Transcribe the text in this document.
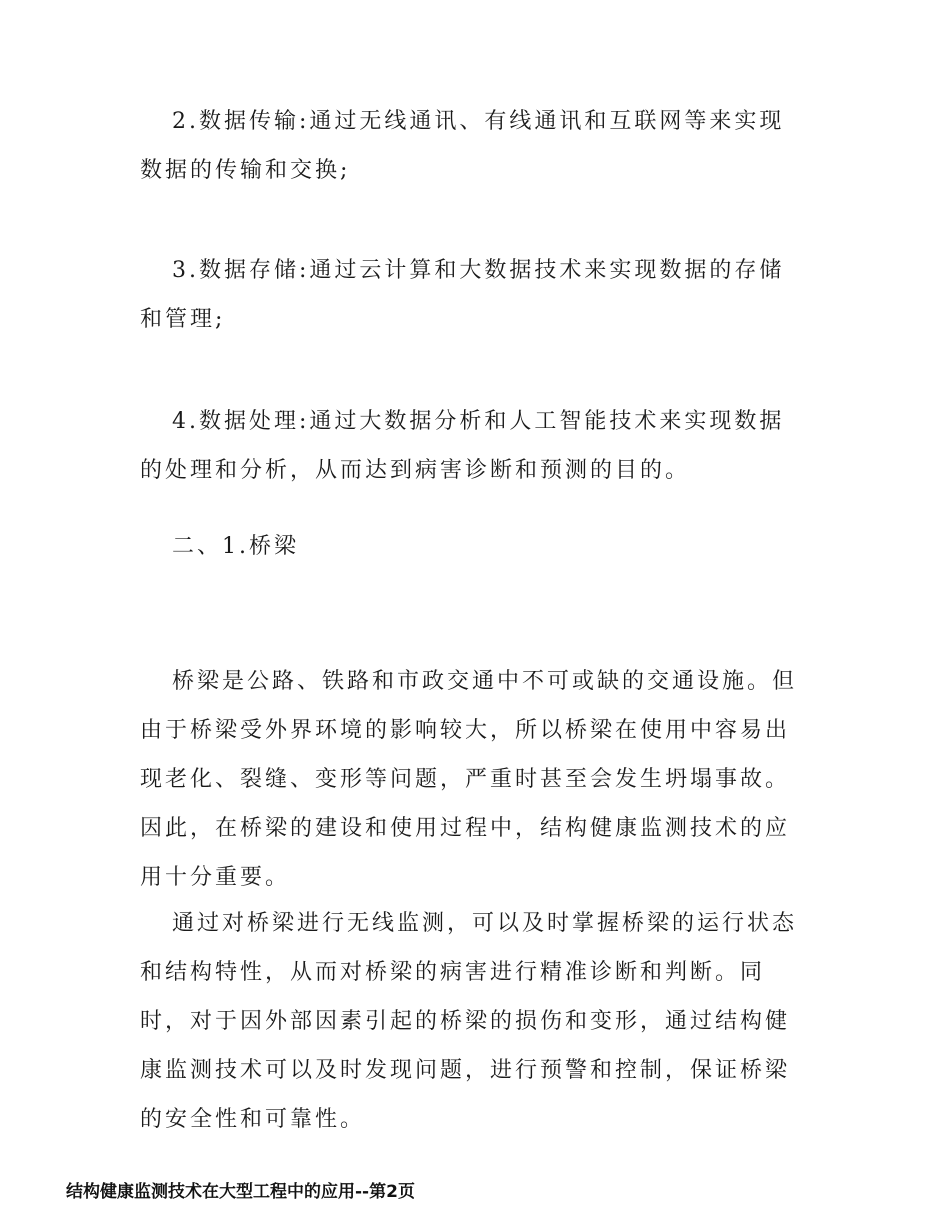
2.数据传输:通过无线通讯、有线通讯和互联网等来实现数据的传输和交换;

3.数据存储:通过云计算和大数据技术来实现数据的存储和管理;

4.数据处理:通过大数据分析和人工智能技术来实现数据的处理和分析，从而达到病害诊断和预测的目的。

二、1.桥梁

桥梁是公路、铁路和市政交通中不可或缺的交通设施。但由于桥梁受外界环境的影响较大，所以桥梁在使用中容易出现老化、裂缝、变形等问题，严重时甚至会发生坍塌事故。因此，在桥梁的建设和使用过程中，结构健康监测技术的应用十分重要。

通过对桥梁进行无线监测，可以及时掌握桥梁的运行状态和结构特性，从而对桥梁的病害进行精准诊断和判断。同时，对于因外部因素引起的桥梁的损伤和变形，通过结构健康监测技术可以及时发现问题，进行预警和控制，保证桥梁的安全性和可靠性。

结构健康监测技术在大型工程中的应用--第2页
